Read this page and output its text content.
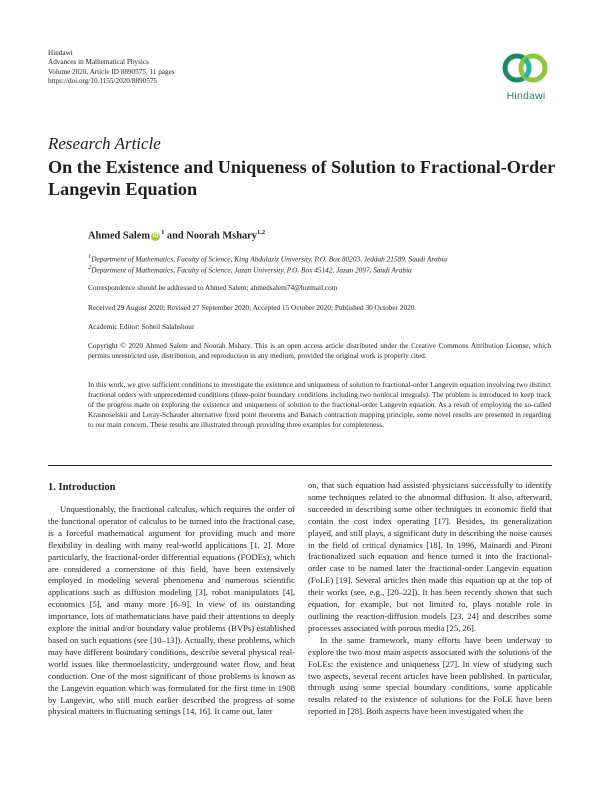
Hindawi
Advances in Mathematical Physics
Volume 2020, Article ID 8890575, 11 pages
https://doi.org/10.1155/2020/8890575
Hindawi
Research Article
On the Existence and Uniqueness of Solution to Fractional-Order Langevin Equation
Ahmed Salem iD $^1$ and Noorah Mshary$^{1,2}$
$^1$Department of Mathematics, Faculty of Science, King Abdulaziz University, P.O. Box 80203, Jeddah 21589, Saudi Arabia
$^2$Department of Mathematics, Faculty of Science, Jazan University, P.O. Box 45142, Jazan 2097, Saudi Arabia
Correspondence should be addressed to Ahmed Salem; ahmedsalem74@hotmail.com
Received 29 August 2020; Revised 27 September 2020; Accepted 15 October 2020; Published 30 October 2020
Academic Editor: Soheil Salahshour
Copyright © 2020 Ahmed Salem and Noorah Mshary. This is an open access article distributed under the Creative Commons Attribution License, which permits unrestricted use, distribution, and reproduction in any medium, provided the original work is properly cited.
In this work, we give sufficient conditions to investigate the existence and uniqueness of solution to fractional-order Langevin equation involving two distinct fractional orders with unprecedented conditions (three-point boundary conditions including two nonlocal integrals). The problem is introduced to keep track of the progress made on exploring the existence and uniqueness of solution to the fractional-order Langevin equation. As a result of employing the so-called Krasnoselskii and Leray-Schauder alternative fixed point theorems and Banach contraction mapping principle, some novel results are presented in regarding to our main concern. These results are illustrated through providing three examples for completeness.
1. Introduction

Unquestionably, the fractional calculus, which requires the order of the functional operator of calculus to be turned into the fractional case, is a forceful mathematical argument for providing much and more flexibility in dealing with many real-world applications [1, 2]. More particularly, the fractional-order differential equations (FODEs), which are considered a cornerstone of this field, have been extensively employed in modeling several phenomena and numerous scientific applications such as diffusion modeling [3], robot manipulators [4], economics [5], and many more [6–9]. In view of its outstanding importance, lots of mathematicians have paid their attentions to deeply explore the initial and/or boundary value problems (BVPs) established based on such equations (see [10–13]). Actually, these problems, which may have different boundary conditions, describe several physical real-world issues like thermoelasticity, underground water flow, and heat conduction. One of the most significant of those problems is known as the Langevin equation which was formulated for the first time in 1908 by Langevin, who still much earlier described the progress of some physical matters in fluctuating settings [14, 16]. It came out, later

on, that such equation had assisted physicians successfully to identify some techniques related to the abnormal diffusion. It also, afterward, succeeded in describing some other techniques in economic field that contain the cost index operating [17]. Besides, its generalization played, and still plays, a significant duty in describing the noise causes in the field of critical dynamics [18]. In 1996, Mainardi and Pironi fractionalized such equation and hence turned it into the fractional-order case to be named later the fractional-order Langevin equation (FoLE) [19]. Several articles then made this equation up at the top of their works (see, e.g., [20–22]). It has been recently shown that such equation, for example, but not limited to, plays notable role in outlining the reaction-diffusion models [23, 24] and describes some processes associated with porous media [25, 26].

In the same framework, many efforts have been underway to explore the two most main aspects associated with the solutions of the FoLEs: the existence and uniqueness [27]. In view of studying such two aspects, several recent articles have been published. In particular, through using some special boundary conditions, some applicable results related to the existence of solutions for the FoLE have been reported in [28]. Both aspects have been investigated when the
